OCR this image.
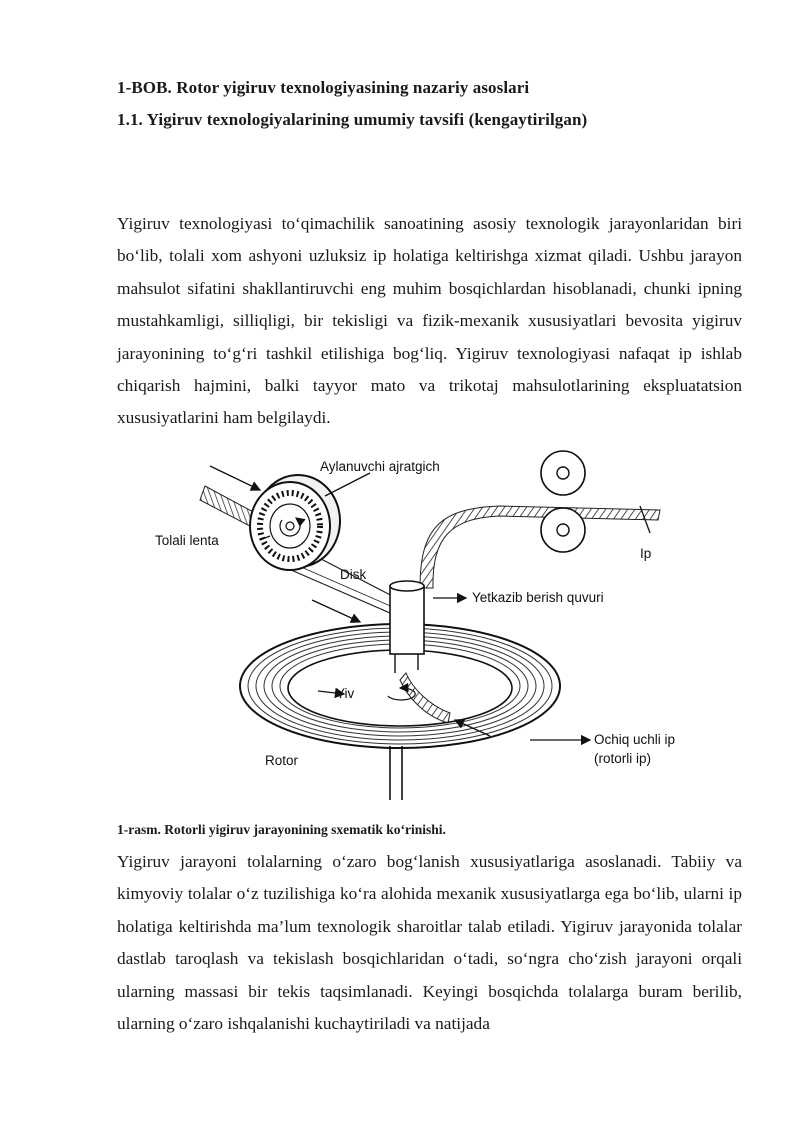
1-BOB. Rotor yigiruv texnologiyasining nazariy asoslari
1.1. Yigiruv texnologiyalarining umumiy tavsifi (kengaytirilgan)

Yigiruv texnologiyasi to‘qimachilik sanoatining asosiy texnologik jarayonlaridan biri bo‘lib, tolali xom ashyoni uzluksiz ip holatiga keltirishga xizmat qiladi. Ushbu jarayon mahsulot sifatini shakllantiruvchi eng muhim bosqichlardan hisoblanadi, chunki ipning mustahkamligi, silliqligi, bir tekisligi va fizik-mexanik xususiyatlari bevosita yigiruv jarayonining to‘g‘ri tashkil etilishiga bog‘liq. Yigiruv texnologiyasi nafaqat ip ishlab chiqarish hajmini, balki tayyor mato va trikotaj mahsulotlarining ekspluatatsion xususiyatlarini ham belgilaydi.

Aylanuvchi ajratgich
Tolali lenta
Disk
Ip
Yetkazib berish quvuri
Yiv
Rotor
Ochiq uchli ip
(rotorli ip)

1-rasm. Rotorli yigiruv jarayonining sxematik ko‘rinishi.

Yigiruv jarayoni tolalarning o‘zaro bog‘lanish xususiyatlariga asoslanadi. Tabiiy va kimyoviy tolalar o‘z tuzilishiga ko‘ra alohida mexanik xususiyatlarga ega bo‘lib, ularni ip holatiga keltirishda ma’lum texnologik sharoitlar talab etiladi. Yigiruv jarayonida tolalar dastlab taroqlash va tekislash bosqichlaridan o‘tadi, so‘ngra cho‘zish jarayoni orqali ularning massasi bir tekis taqsimlanadi. Keyingi bosqichda tolalarga buram berilib, ularning o‘zaro ishqalanishi kuchaytiriladi va natijada
